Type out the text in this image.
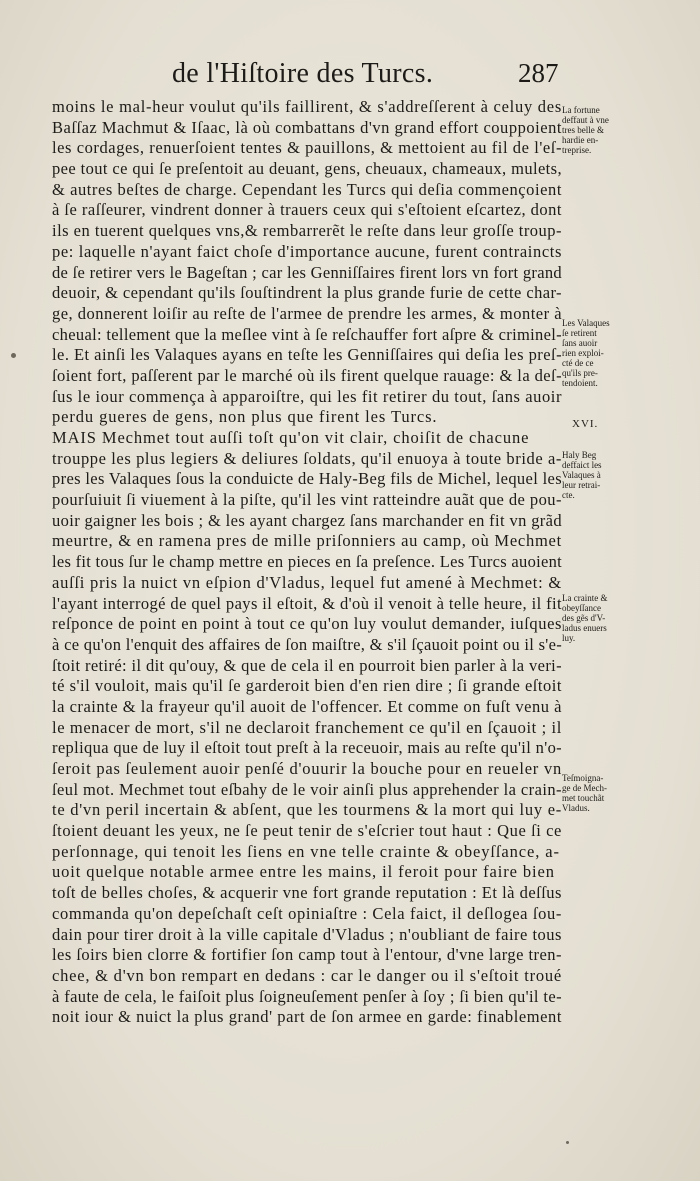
de l'Hiſtoire des Turcs.	287
moins le mal-heur voulut qu'ils faillirent, & s'addreſſerent à celuy des
Baſſaz Machmut & Iſaac, là où combattans d'vn grand effort couppoient
les cordages, renuerſoient tentes & pauillons, & mettoient au fil de l'eſ-
pee tout ce qui ſe preſentoit au deuant, gens, cheuaux, chameaux, mulets,
& autres beſtes de charge. Cependant les Turcs qui deſia commençoient
à ſe raſſeurer, vindrent donner à trauers ceux qui s'eſtoient eſcartez, dont
ils en tuerent quelques vns,& rembarrerẽt le reſte dans leur groſſe troup-
pe: laquelle n'ayant faict choſe d'importance aucune, furent contraincts
de ſe retirer vers le Bageſtan ; car les Genniſſaires firent lors vn fort grand
deuoir, & cependant qu'ils ſouſtindrent la plus grande furie de cette char-
ge, donnerent loiſir au reſte de l'armee de prendre les armes, & monter à
cheual: tellement que la meſlee vint à ſe reſchauffer fort aſpre & criminel-
le. Et ainſi les Valaques ayans en teſte les Genniſſaires qui deſia les preſ-
ſoient fort, paſſerent par le marché où ils firent quelque rauage: & la deſ-
ſus le iour commença à apparoiſtre, qui les fit retirer du tout, ſans auoir
perdu gueres de gens, non plus que firent les Turcs.
MAIS Mechmet tout auſſi toſt qu'on vit clair, choiſit de chacune
trouppe les plus legiers & deliures ſoldats, qu'il enuoya à toute bride a-
pres les Valaques ſous la conduicte de Haly-Beg fils de Michel, lequel les
pourſuiuit ſi viuement à la piſte, qu'il les vint ratteindre auãt que de pou-
uoir gaigner les bois ; & les ayant chargez ſans marchander en fit vn grãd
meurtre, & en ramena pres de mille priſonniers au camp, où Mechmet
les fit tous ſur le champ mettre en pieces en ſa preſence. Les Turcs auoient
auſſi pris la nuict vn eſpion d'Vladus, lequel fut amené à Mechmet: &
l'ayant interrogé de quel pays il eſtoit, & d'où il venoit à telle heure, il fit
reſponce de point en point à tout ce qu'on luy voulut demander, iuſques
à ce qu'on l'enquit des affaires de ſon maiſtre, & s'il ſçauoit point ou il s'e-
ſtoit retiré: il dit qu'ouy, & que de cela il en pourroit bien parler à la veri-
té s'il vouloit, mais qu'il ſe garderoit bien d'en rien dire ; ſi grande eſtoit
la crainte & la frayeur qu'il auoit de l'offencer. Et comme on fuſt venu à
le menacer de mort, s'il ne declaroit franchement ce qu'il en ſçauoit ; il
repliqua que de luy il eſtoit tout preſt à la receuoir, mais au reſte qu'il n'o-
ſeroit pas ſeulement auoir penſé d'ouurir la bouche pour en reueler vn
ſeul mot. Mechmet tout eſbahy de le voir ainſi plus apprehender la crain-
te d'vn peril incertain & abſent, que les tourmens & la mort qui luy e-
ſtoient deuant les yeux, ne ſe peut tenir de s'eſcrier tout haut : Que ſi ce
perſonnage, qui tenoit les ſiens en vne telle crainte & obeyſſance, a-
uoit quelque notable armee entre les mains, il feroit pour faire bien
toſt de belles choſes, & acquerir vne fort grande reputation : Et là deſſus
commanda qu'on depeſchaſt ceſt opiniaſtre : Cela faict, il deſlogea ſou-
dain pour tirer droit à la ville capitale d'Vladus ; n'oubliant de faire tous
les ſoirs bien clorre & fortifier ſon camp tout à l'entour, d'vne large tren-
chee, & d'vn bon rempart en dedans : car le danger ou il s'eſtoit troué
à faute de cela, le faiſoit plus ſoigneuſement penſer à ſoy ; ſi bien qu'il te-
noit iour & nuict la plus grand' part de ſon armee en garde: finablement
La fortune
deffaut à vne
tres belle &
hardie en-
treprise.
Les Valaques
ſe retirent
ſans auoir
rien exploi-
cté de ce
qu'ils pre-
tendoient.
Haly Beg
deffaict les
Valaques à
leur retrai-
cte.
La crainte &
obeyſſance
des gẽs d'V-
ladus enuers
luy.
Teſmoigna-
ge de Mech-
met touchãt
Vladus.
XVI.
